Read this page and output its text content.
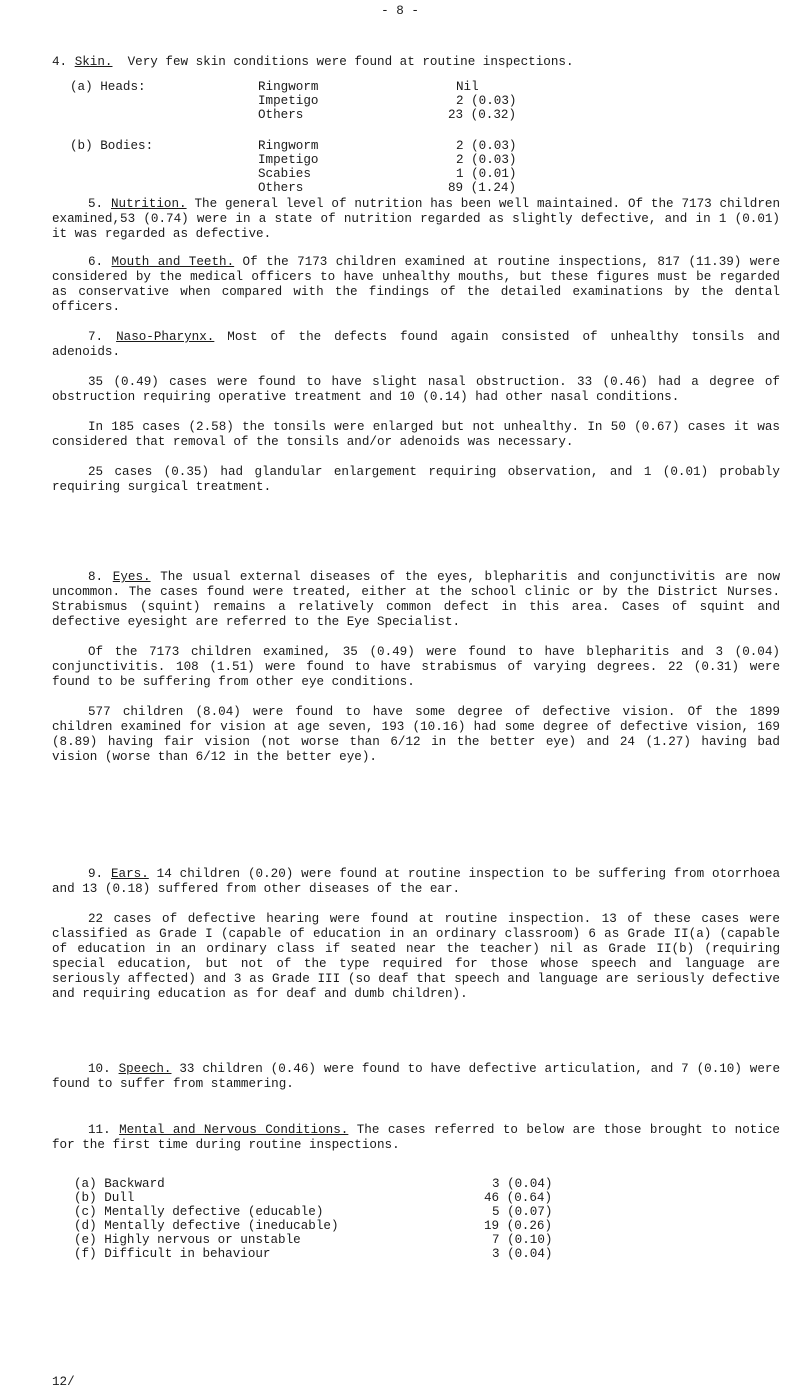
- 8 -
4. Skin. Very few skin conditions were found at routine inspections.
(a) Heads:	Ringworm	Nil
Impetigo	2 (0.03)
Others	23 (0.32)
(b) Bodies:	Ringworm	2 (0.03)
Impetigo	2 (0.03)
Scabies	1 (0.01)
Others	89 (1.24)

5. Nutrition. The general level of nutrition has been well maintained. Of the 7173 children examined,53 (0.74) were in a state of nutrition regarded as slightly defective, and in 1 (0.01) it was regarded as defective.

6. Mouth and Teeth. Of the 7173 children examined at routine inspections, 817 (11.39) were considered by the medical officers to have unhealthy mouths, but these figures must be regarded as conservative when compared with the findings of the detailed examinations by the dental officers.

7. Naso-Pharynx. Most of the defects found again consisted of unhealthy tonsils and adenoids.

35 (0.49) cases were found to have slight nasal obstruction. 33 (0.46) had a degree of obstruction requiring operative treatment and 10 (0.14) had other nasal conditions.

In 185 cases (2.58) the tonsils were enlarged but not unhealthy. In 50 (0.67) cases it was considered that removal of the tonsils and/or adenoids was necessary.

25 cases (0.35) had glandular enlargement requiring observation, and 1 (0.01) probably requiring surgical treatment.

8. Eyes. The usual external diseases of the eyes, blepharitis and conjunctivitis are now uncommon. The cases found were treated, either at the school clinic or by the District Nurses. Strabismus (squint) remains a relatively common defect in this area. Cases of squint and defective eyesight are referred to the Eye Specialist.

Of the 7173 children examined, 35 (0.49) were found to have blepharitis and 3 (0.04) conjunctivitis. 108 (1.51) were found to have strabismus of varying degrees. 22 (0.31) were found to be suffering from other eye conditions.

577 children (8.04) were found to have some degree of defective vision. Of the 1899 children examined for vision at age seven, 193 (10.16) had some degree of defective vision, 169 (8.89) having fair vision (not worse than 6/12 in the better eye) and 24 (1.27) having bad vision (worse than 6/12 in the better eye).

9. Ears. 14 children (0.20) were found at routine inspection to be suffering from otorrhoea and 13 (0.18) suffered from other diseases of the ear.

22 cases of defective hearing were found at routine inspection. 13 of these cases were classified as Grade I (capable of education in an ordinary classroom) 6 as Grade II(a) (capable of education in an ordinary class if seated near the teacher) nil as Grade II(b) (requiring special education, but not of the type required for those whose speech and language are seriously affected) and 3 as Grade III (so deaf that speech and language are seriously defective and requiring education as for deaf and dumb children).

10. Speech. 33 children (0.46) were found to have defective articulation, and 7 (0.10) were found to suffer from stammering.

11. Mental and Nervous Conditions. The cases referred to below are those brought to notice for the first time during routine inspections.

(a) Backward	3 (0.04)
(b) Dull	46 (0.64)
(c) Mentally defective (educable)	5 (0.07)
(d) Mentally defective (ineducable)	19 (0.26)
(e) Highly nervous or unstable	7 (0.10)
(f) Difficult in behaviour	3 (0.04)
12/
